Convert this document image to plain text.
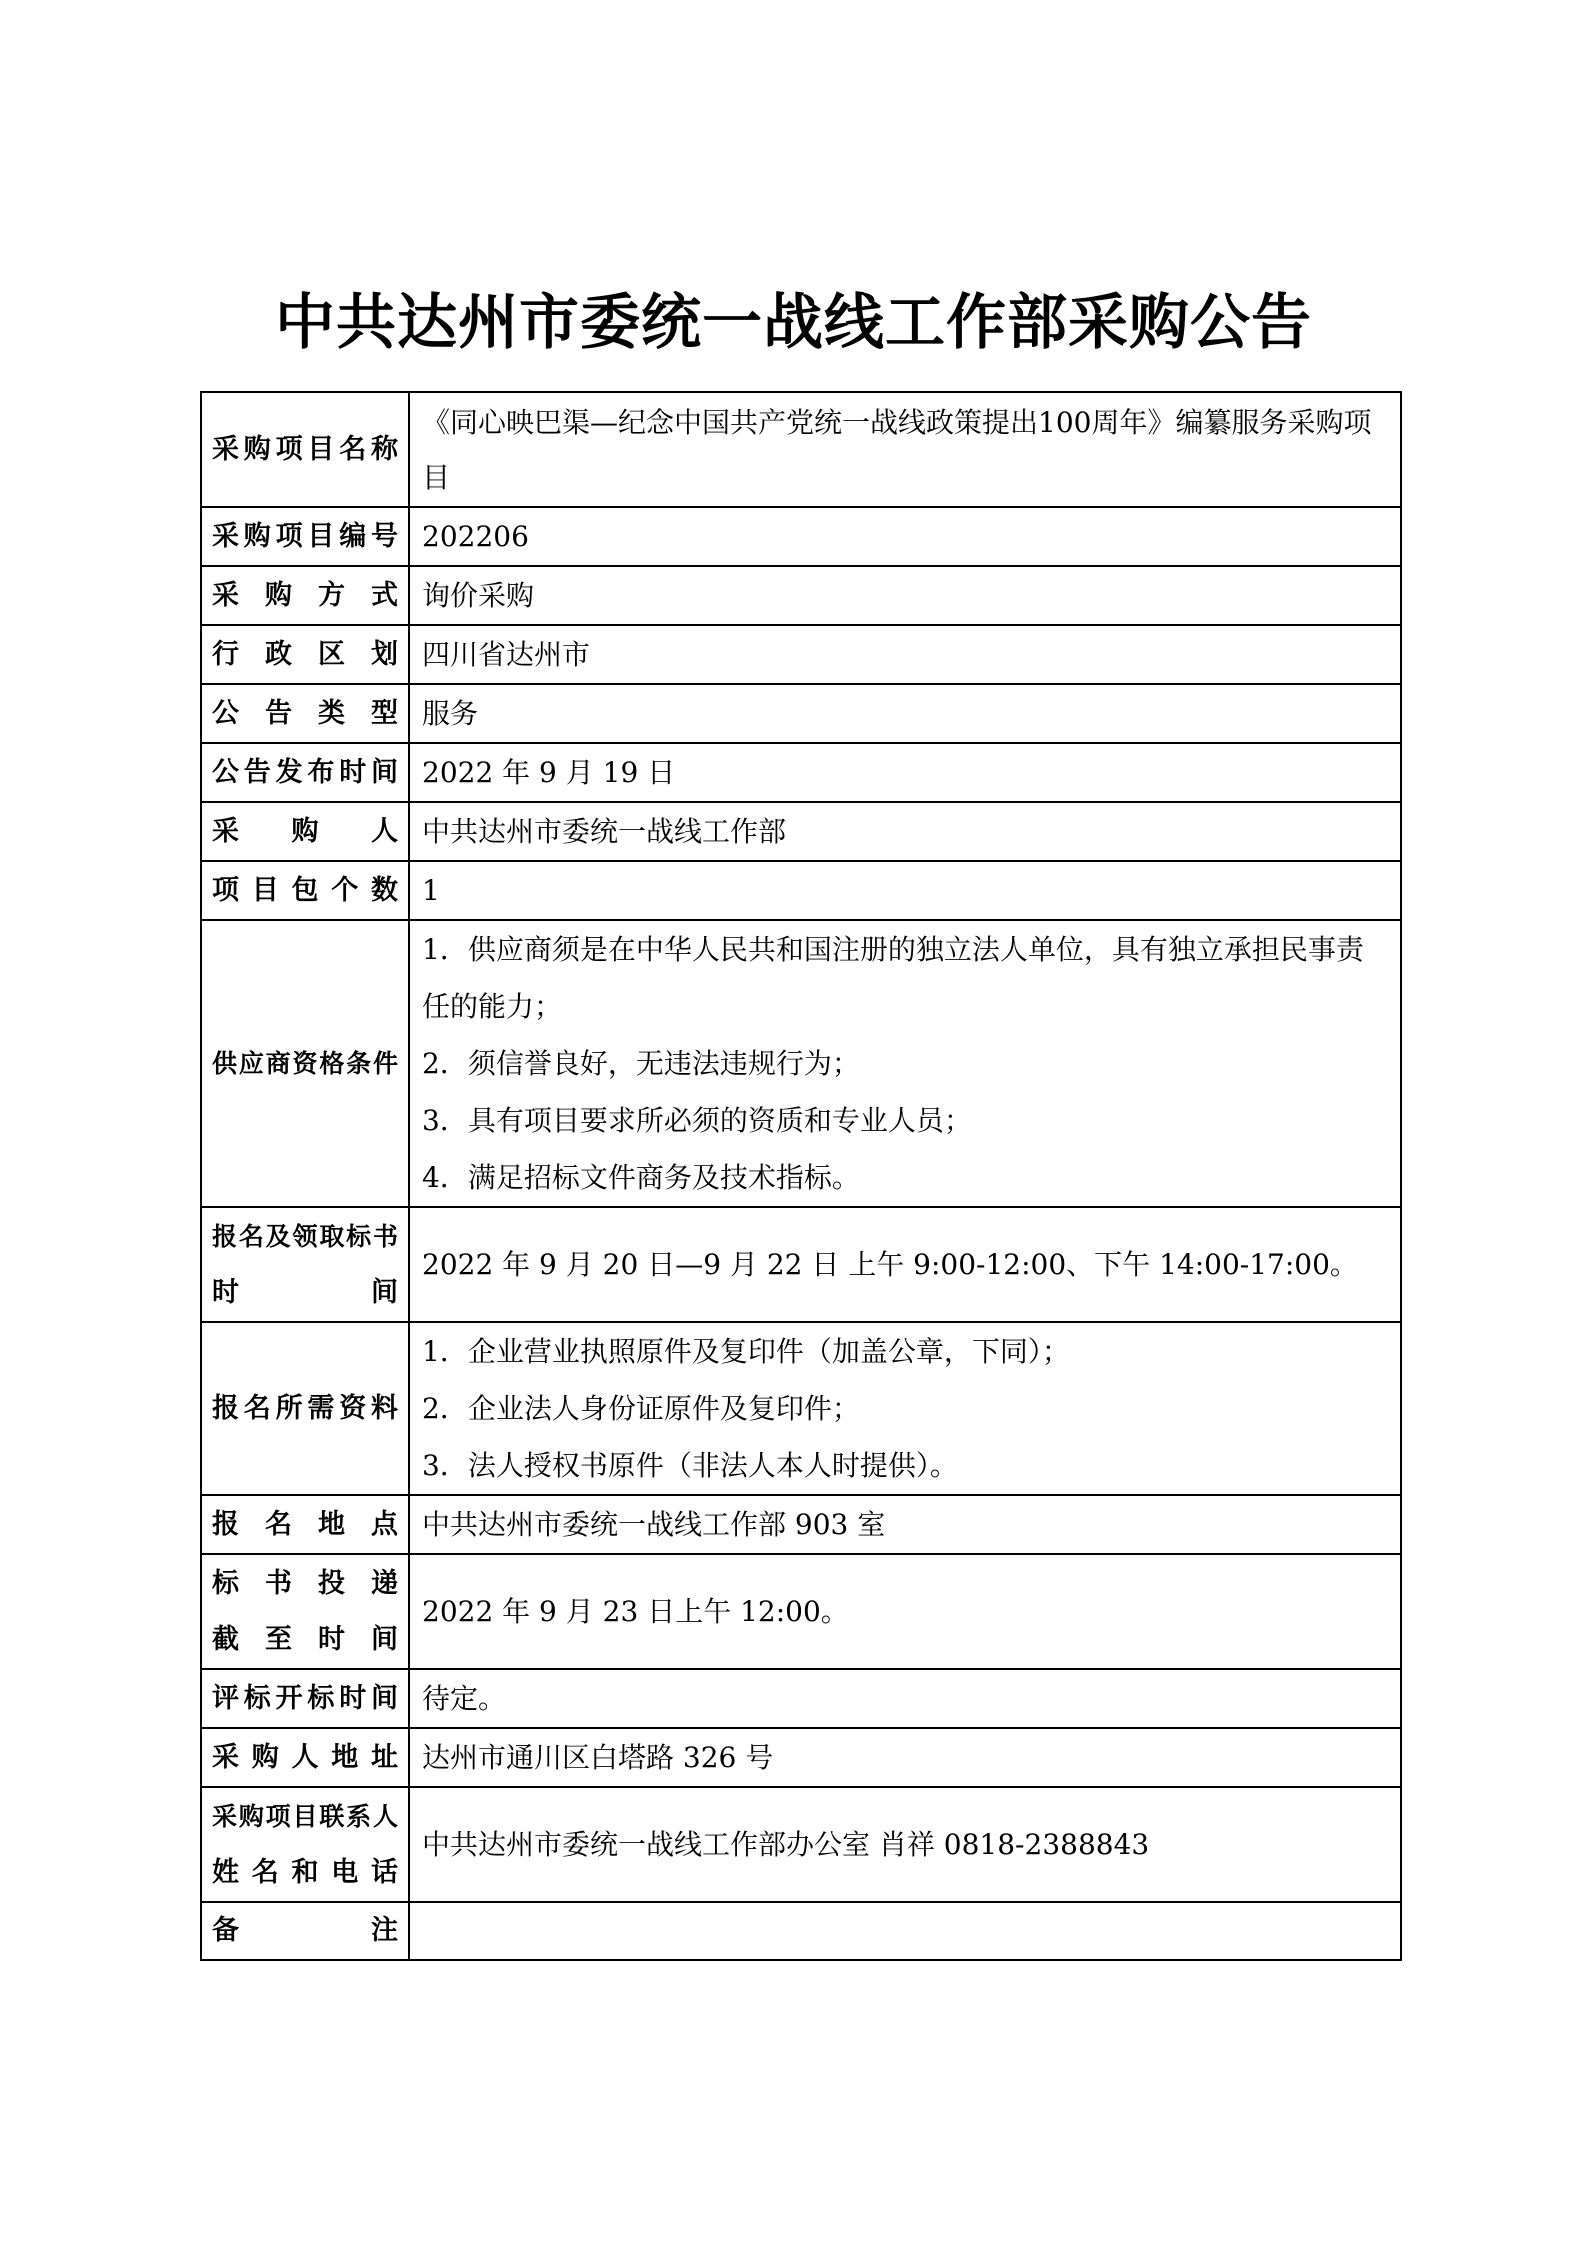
中共达州市委统一战线工作部采购公告
采购项目名称	《同心映巴渠—纪念中国共产党统一战线政策提出100周年》编纂服务采购项目

采购项目编号	202206

采 购 方 式	询价采购

行 政 区 划	四川省达州市

公 告 类 型	服务

公告发布时间	2022 年 9 月 19 日

采 购 人	中共达州市委统一战线工作部

项目包个数	1

供应商资格条件	1．供应商须是在中华人民共和国注册的独立法人单位，具有独立承担民事责任的能力；
2．须信誉良好，无违法违规行为；
3．具有项目要求所必须的资质和专业人员；
4．满足招标文件商务及技术指标。

报名及领取标书
时 间	2022 年 9 月 20 日—9 月 22 日 上午 9:00-12:00、下午 14:00-17:00。

报名所需资料	1．企业营业执照原件及复印件（加盖公章，下同）；
2．企业法人身份证原件及复印件；
3．法人授权书原件（非法人本人时提供）。

报 名 地 点	中共达州市委统一战线工作部 903 室

标 书 投 递
截 至 时 间	2022 年 9 月 23 日上午 12:00。

评标开标时间	待定。

采购人地址	达州市通川区白塔路 326 号

采购项目联系人
姓 名 和 电 话	中共达州市委统一战线工作部办公室 肖祥 0818-2388843

备 注	
